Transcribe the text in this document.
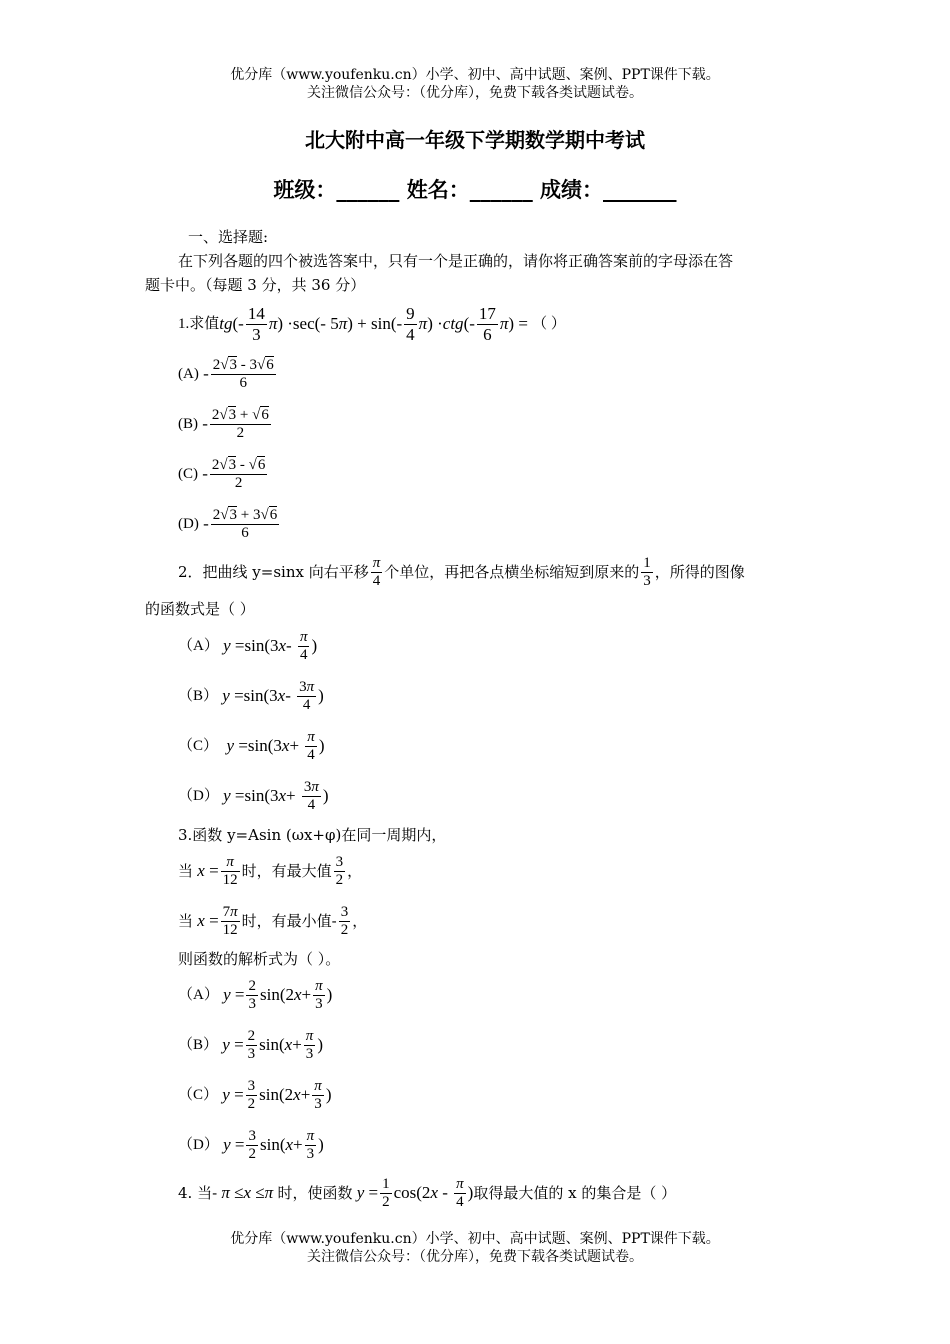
优分库（www.youfenku.cn）小学、初中、高中试题、案例、PPT课件下载。
关注微信公众号：（优分库），免费下载各类试题试卷。
北大附中高一年级下学期数学期中考试
班级：______ 姓名：______ 成绩：_______
一、选择题:
在下列各题的四个被选答案中，只有一个是正确的，请你将正确答案前的字母添在答
题卡中。（每题 3 分，共 36 分）
1.求值 tg (- $\frac{14}{3}$ π ) ·sec(- 5 π ) + $\sin(- \frac{9}{4}$ π ) · ctg (- $\frac{17}{6}$ π ) = （ ）
(A)
- $\frac{2√3 - 3√6}{6}$
(B)
- $\frac{2√3 + √6}{2}$
(C)
- $\frac{2√3 - √6}{2}$
(D)
- $\frac{2√3 + 3√6}{6}$
2．把曲线 y=sinx 向右平移 $\frac{\pi}{4}$ 个单位，再把各点横坐标缩短到原来的 $\frac{1}{3}$ ，所得的图像
的函数式是（ ）
（A）
y =sin(3 x - $\frac{\pi}{4}$ )
（B）
y =sin(3 x - $\frac{3\pi}{4}$ )
（C）
y =sin(3 $x + \frac{\pi}{4}$ )
（D）
y =sin(3 $x + \frac{3\pi}{4}$ )
3.函数 y=Asin (ωx+φ)在同一周期内，
当 $x = \frac{\pi}{12}$ 时，有最大值 $\frac{3}{2}$ ，
当 $x = \frac{7\pi}{12}$ 时，有最小值- $\frac{3}{2}$ ，
则函数的解析式为（ ）。
（A）
$y = \frac{2}{3} \sin(2$ $x + \frac{\pi}{3}$ )
（B）
$y = \frac{2}{3} \sin$( $x + \frac{\pi}{3}$ )
（C）
$y = \frac{3}{2} \sin(2$ $x + \frac{\pi}{3}$ )
（D）
$y = \frac{3}{2} \sin$( $x + \frac{\pi}{3}$ )
4. 当- π ≤x ≤π 时，使函数 $y = \frac{1}{2} \cos(2x - \frac{\pi}{4}$ ) 取得最大值的 x 的集合是（ ）
优分库（www.youfenku.cn）小学、初中、高中试题、案例、PPT课件下载。
关注微信公众号：（优分库），免费下载各类试题试卷。
